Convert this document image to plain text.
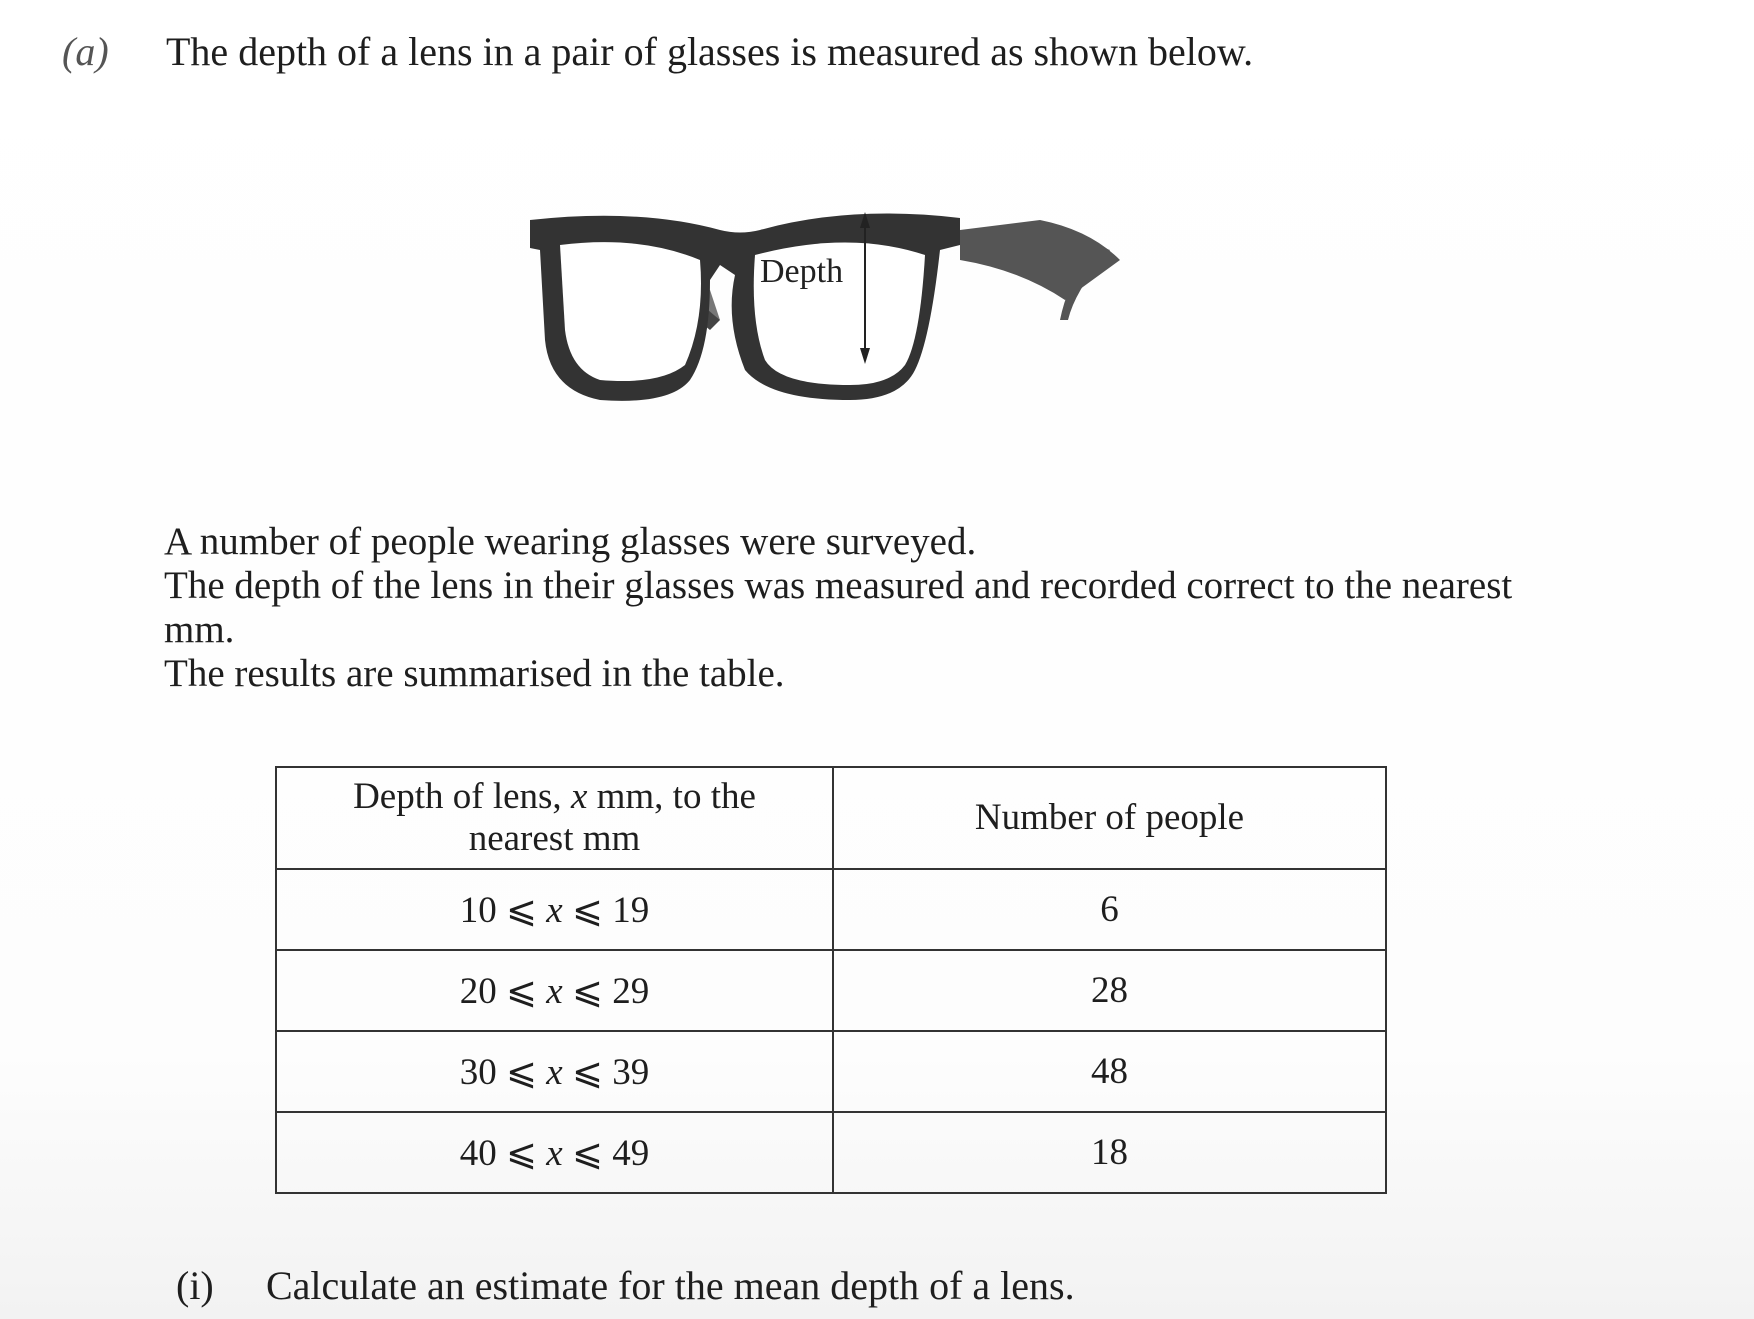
(a) The depth of a lens in a pair of glasses is measured as shown below.
Depth
A number of people wearing glasses were surveyed.
The depth of the lens in their glasses was measured and recorded correct to the nearest
mm.
The results are summarised in the table.
Depth of lens, x mm, to the
nearest mm	Number of people
10 ⩽ x ⩽ 19	6
20 ⩽ x ⩽ 29	28
30 ⩽ x ⩽ 39	48
40 ⩽ x ⩽ 49	18
(i) Calculate an estimate for the mean depth of a lens.
